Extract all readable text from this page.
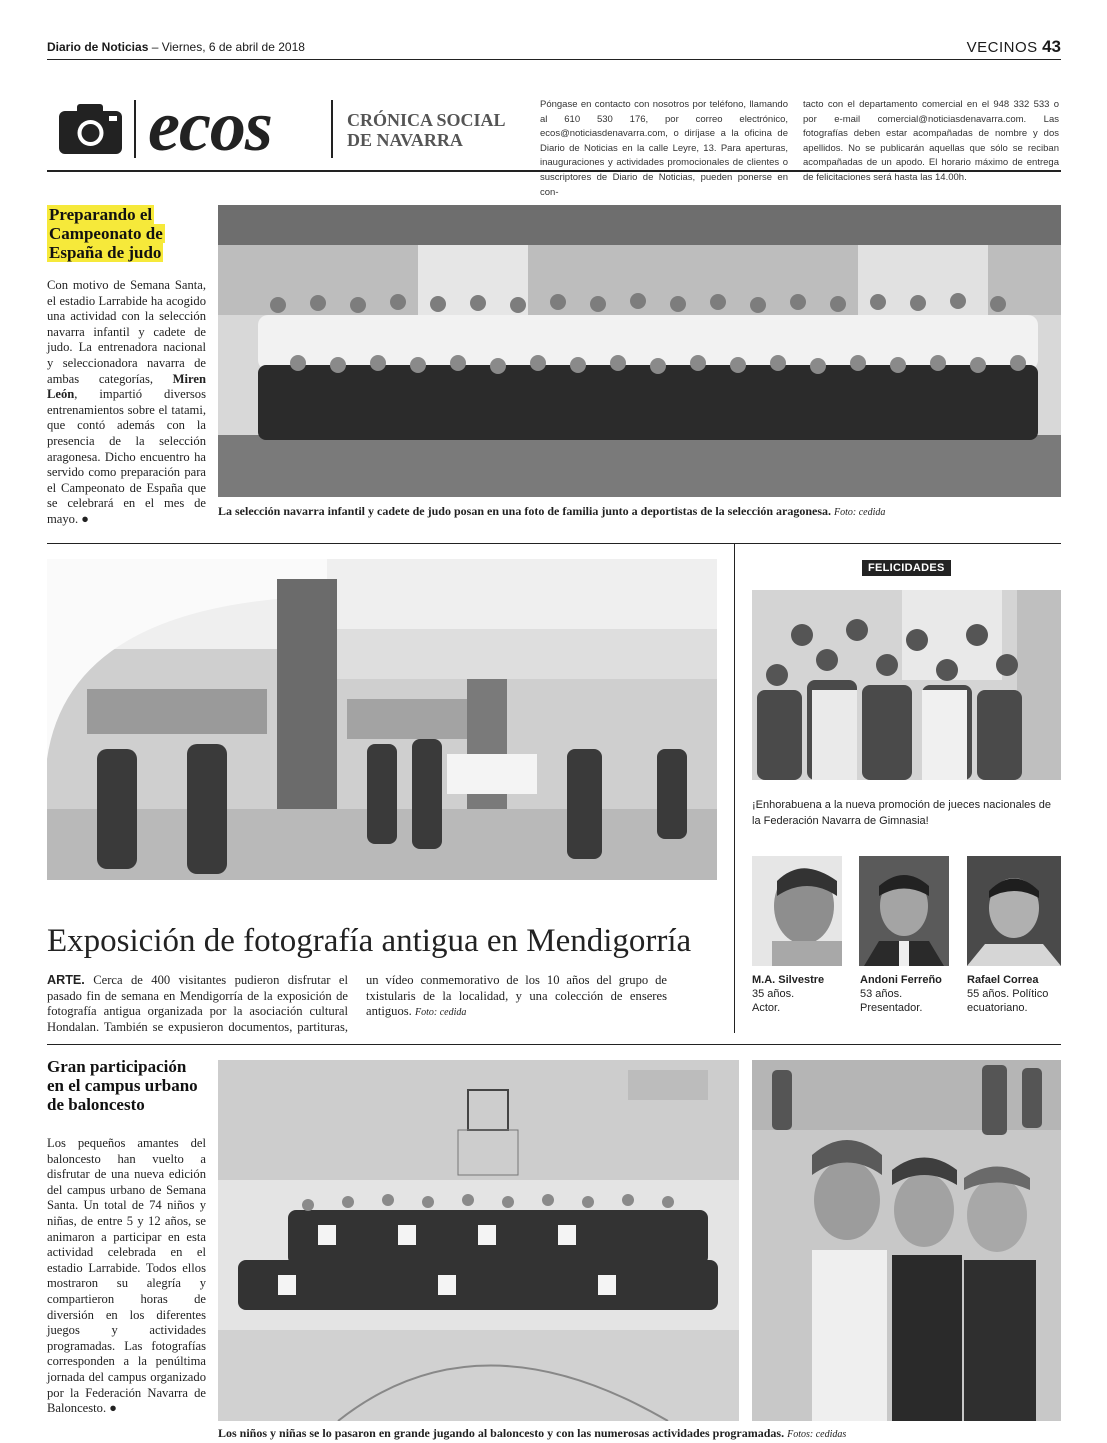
Diario de Noticias – Viernes, 6 de abril de 2018	VECINOS 43
ecos	CRÓNICA SOCIAL
DE NAVARRA
Póngase en contacto con nosotros por teléfono, llamando al 610 530 176, por correo electrónico, ecos@noticiasdenavarra.com, o diríjase a la oficina de Diario de Noticias en la calle Leyre, 13. Para aperturas, inauguraciones y actividades promocionales de clientes o suscriptores de Diario de Noticias, pueden ponerse en con-
tacto con el departamento comercial en el 948 332 533 o por e-mail comercial@noticiasdenavarra.com. Las fotografías deben estar acompañadas de nombre y dos apellidos. No se publicarán aquellas que sólo se reciban acompañadas de un apodo. El horario máximo de entrega de felicitaciones será hasta las 14.00h.
Preparando el Campeonato de España de judo
Con motivo de Semana Santa, el estadio Larrabide ha acogido una actividad con la selección navarra infantil y cadete de judo. La entrenadora nacional y seleccionadora navarra de ambas categorías, Miren León, impartió diversos entrenamientos sobre el tatami, que contó además con la presencia de la selección aragonesa. Dicho encuentro ha servido como preparación para el Campeonato de España que se celebrará en el mes de mayo. ●
La selección navarra infantil y cadete de judo posan en una foto de familia junto a deportistas de la selección aragonesa. Foto: cedida
Exposición de fotografía antigua en Mendigorría
ARTE. Cerca de 400 visitantes pudieron disfrutar el pasado fin de semana en Mendigorría de la exposición de fotografía antigua organizada por la asociación cultural Hondalan. También se expusieron documentos, partituras, un vídeo conmemorativo de los 10 años del grupo de txistularis de la localidad, y una colección de enseres antiguos. Foto: cedida
FELICIDADES
¡Enhorabuena a la nueva promoción de jueces nacionales de la Federación Navarra de Gimnasia!
M.A. Silvestre
35 años.
Actor.
Andoni Ferreño
53 años.
Presentador.
Rafael Correa
55 años. Político
ecuatoriano.
Gran participación en el campus urbano de baloncesto
Los pequeños amantes del baloncesto han vuelto a disfrutar de una nueva edición del campus urbano de Semana Santa. Un total de 74 niños y niñas, de entre 5 y 12 años, se animaron a participar en esta actividad celebrada en el estadio Larrabide. Todos ellos mostraron su alegría y compartieron horas de diversión en los diferentes juegos y actividades programadas. Las fotografías corresponden a la penúltima jornada del campus organizado por la Federación Navarra de Baloncesto. ●
Los niños y niñas se lo pasaron en grande jugando al baloncesto y con las numerosas actividades programadas. Fotos: cedidas
